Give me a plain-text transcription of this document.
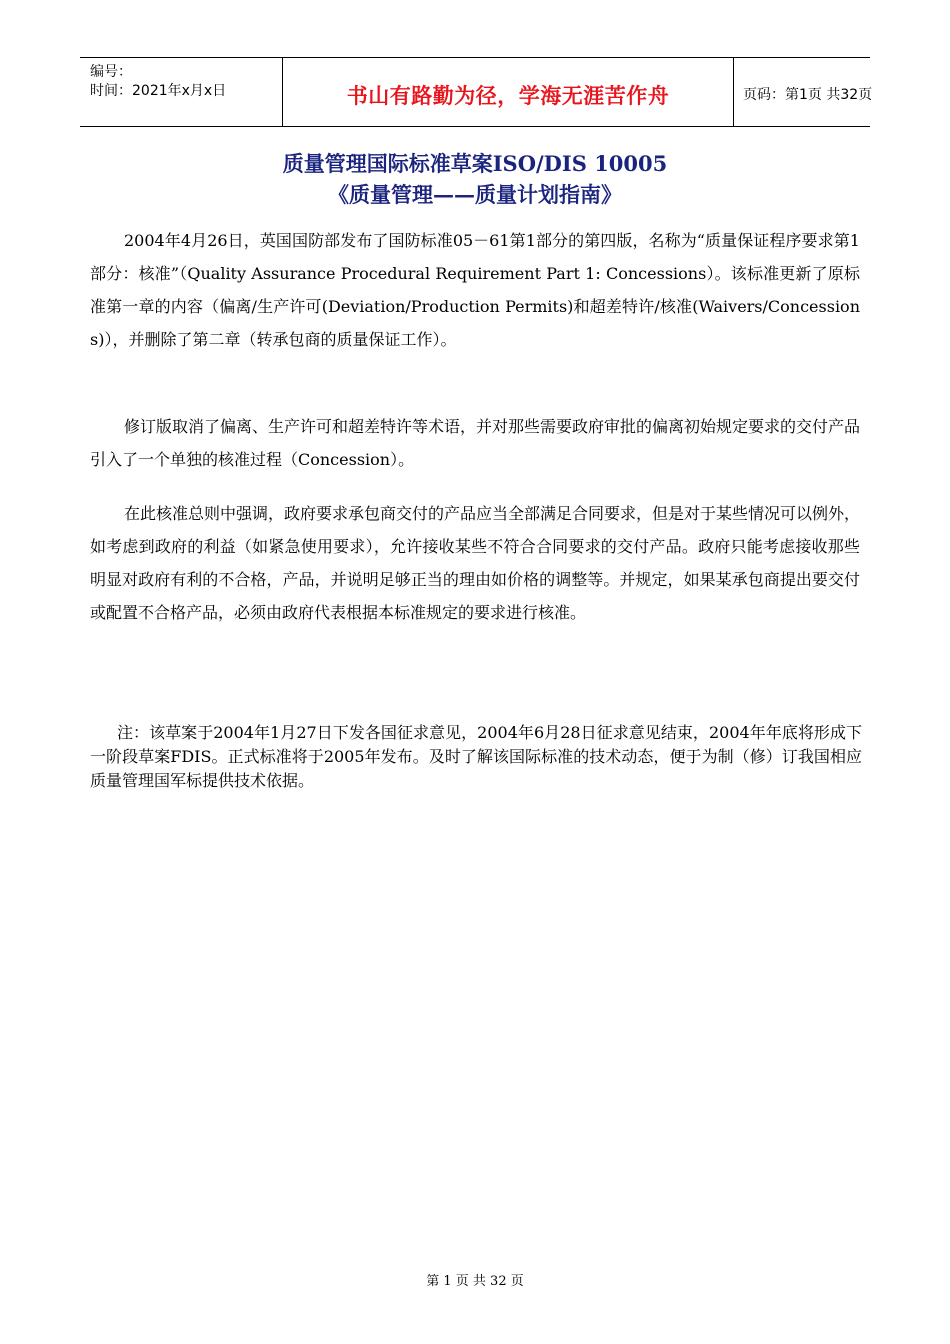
编号：
时间：2021年x月x日	书山有路勤为径，学海无涯苦作舟	页码：第1页 共32页
质量管理国际标准草案ISO/DIS 10005
《质量管理——质量计划指南》

2004年4月26日，英国国防部发布了国防标准05－61第1部分的第四版，名称为“质量保证程序要求第1部分：核准”（Quality Assurance Procedural Requirement Part 1: Concessions）。该标准更新了原标准第一章的内容（偏离/生产许可(Deviation/Production Permits)和超差特许/核准(Waivers/Concessions)），并删除了第二章（转承包商的质量保证工作）。

修订版取消了偏离、生产许可和超差特许等术语，并对那些需要政府审批的偏离初始规定要求的交付产品引入了一个单独的核准过程（Concession）。

在此核准总则中强调，政府要求承包商交付的产品应当全部满足合同要求，但是对于某些情况可以例外，如考虑到政府的利益（如紧急使用要求），允许接收某些不符合合同要求的交付产品。政府只能考虑接收那些明显对政府有利的不合格，产品，并说明足够正当的理由如价格的调整等。并规定，如果某承包商提出要交付或配置不合格产品，必须由政府代表根据本标准规定的要求进行核准。

注：该草案于2004年1月27日下发各国征求意见，2004年6月28日征求意见结束，2004年年底将形成下一阶段草案FDIS。正式标准将于2005年发布。及时了解该国际标准的技术动态，便于为制（修）订我国相应质量管理国军标提供技术依据。

第 1 页 共 32 页
